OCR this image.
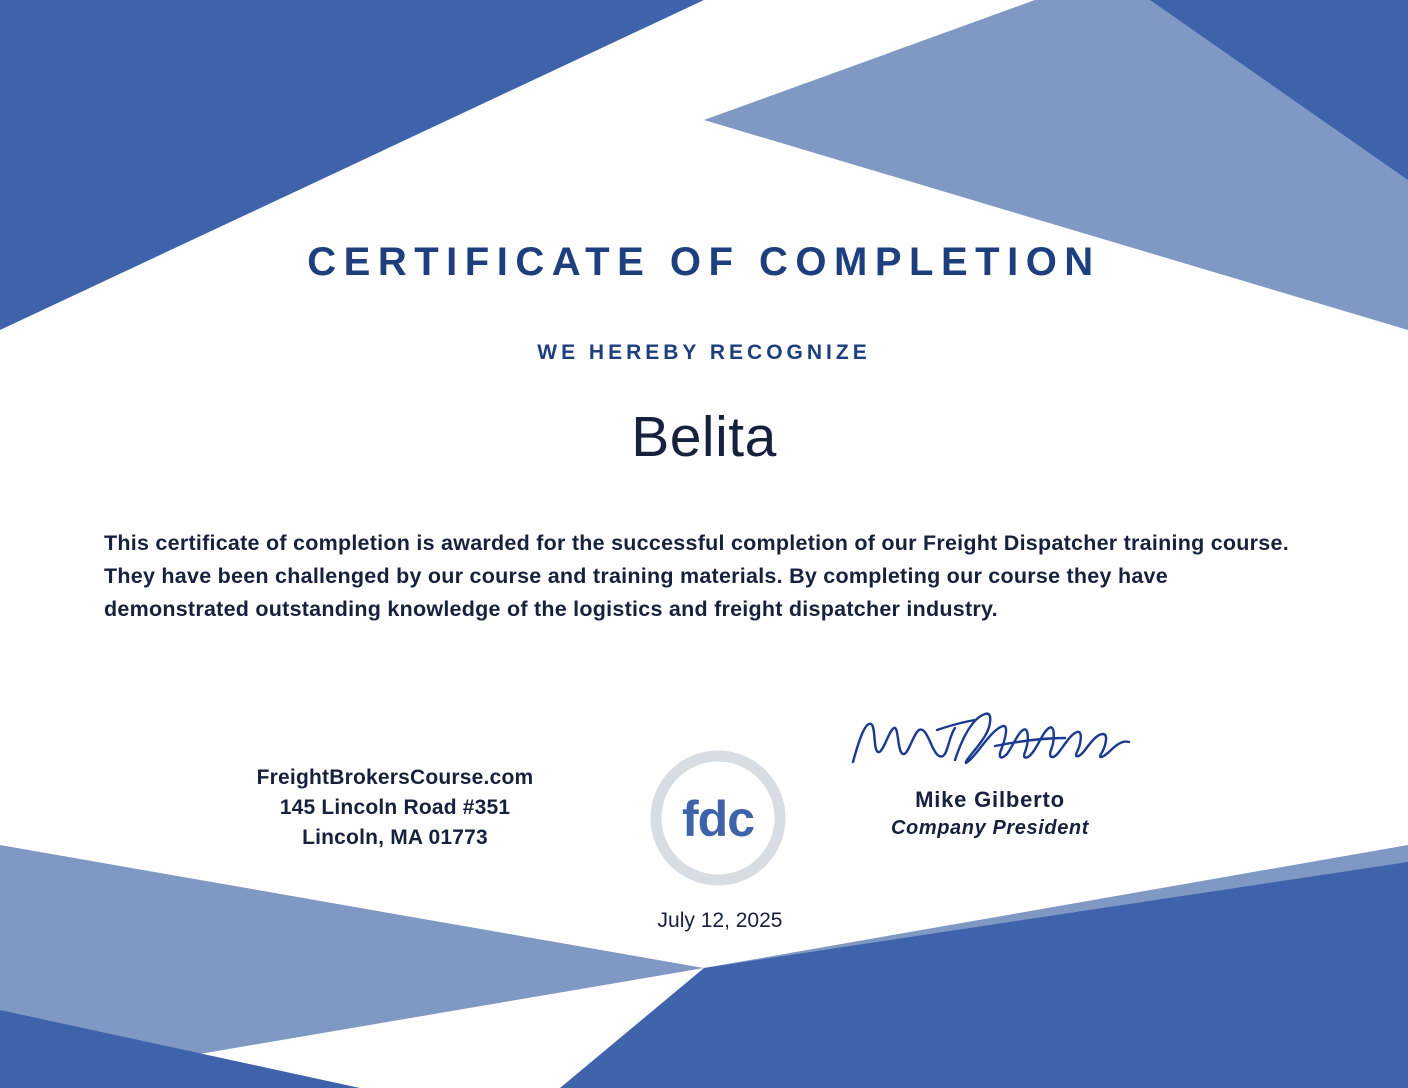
CERTIFICATE OF COMPLETION
WE HEREBY RECOGNIZE
Belita
This certificate of completion is awarded for the successful completion of our Freight Dispatcher training course. They have been challenged by our course and training materials. By completing our course they have demonstrated outstanding knowledge of the logistics and freight dispatcher industry.
FreightBrokersCourse.com
145 Lincoln Road #351
Lincoln, MA 01773	fdc	Mike Gilberto
Company President
July 12, 2025
